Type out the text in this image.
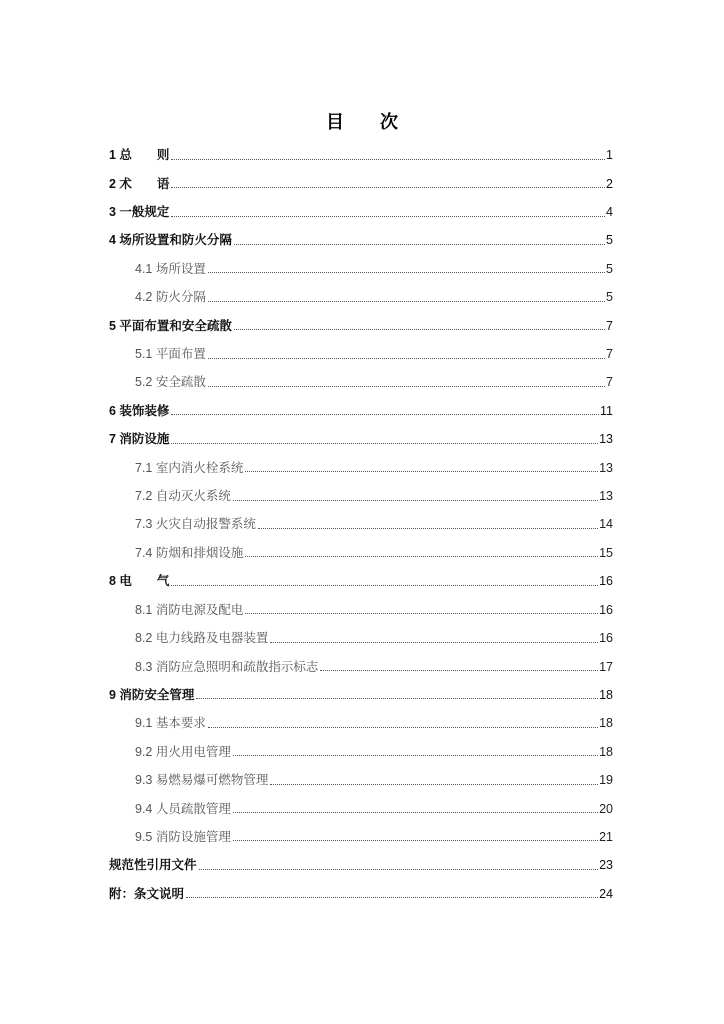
目　　次
1 总　　则	1
2 术　　语	2
3 一般规定	4
4 场所设置和防火分隔	5
4.1 场所设置	5
4.2 防火分隔	5
5 平面布置和安全疏散	7
5.1 平面布置	7
5.2 安全疏散	7
6 装饰装修	11
7 消防设施	13
7.1 室内消火栓系统	13
7.2 自动灭火系统	13
7.3 火灾自动报警系统	14
7.4 防烟和排烟设施	15
8 电　　气	16
8.1 消防电源及配电	16
8.2 电力线路及电器装置	16
8.3 消防应急照明和疏散指示标志	17
9 消防安全管理	18
9.1 基本要求	18
9.2 用火用电管理	18
9.3 易燃易爆可燃物管理	19
9.4 人员疏散管理	20
9.5 消防设施管理	21
规范性引用文件	23
附：条文说明	24
